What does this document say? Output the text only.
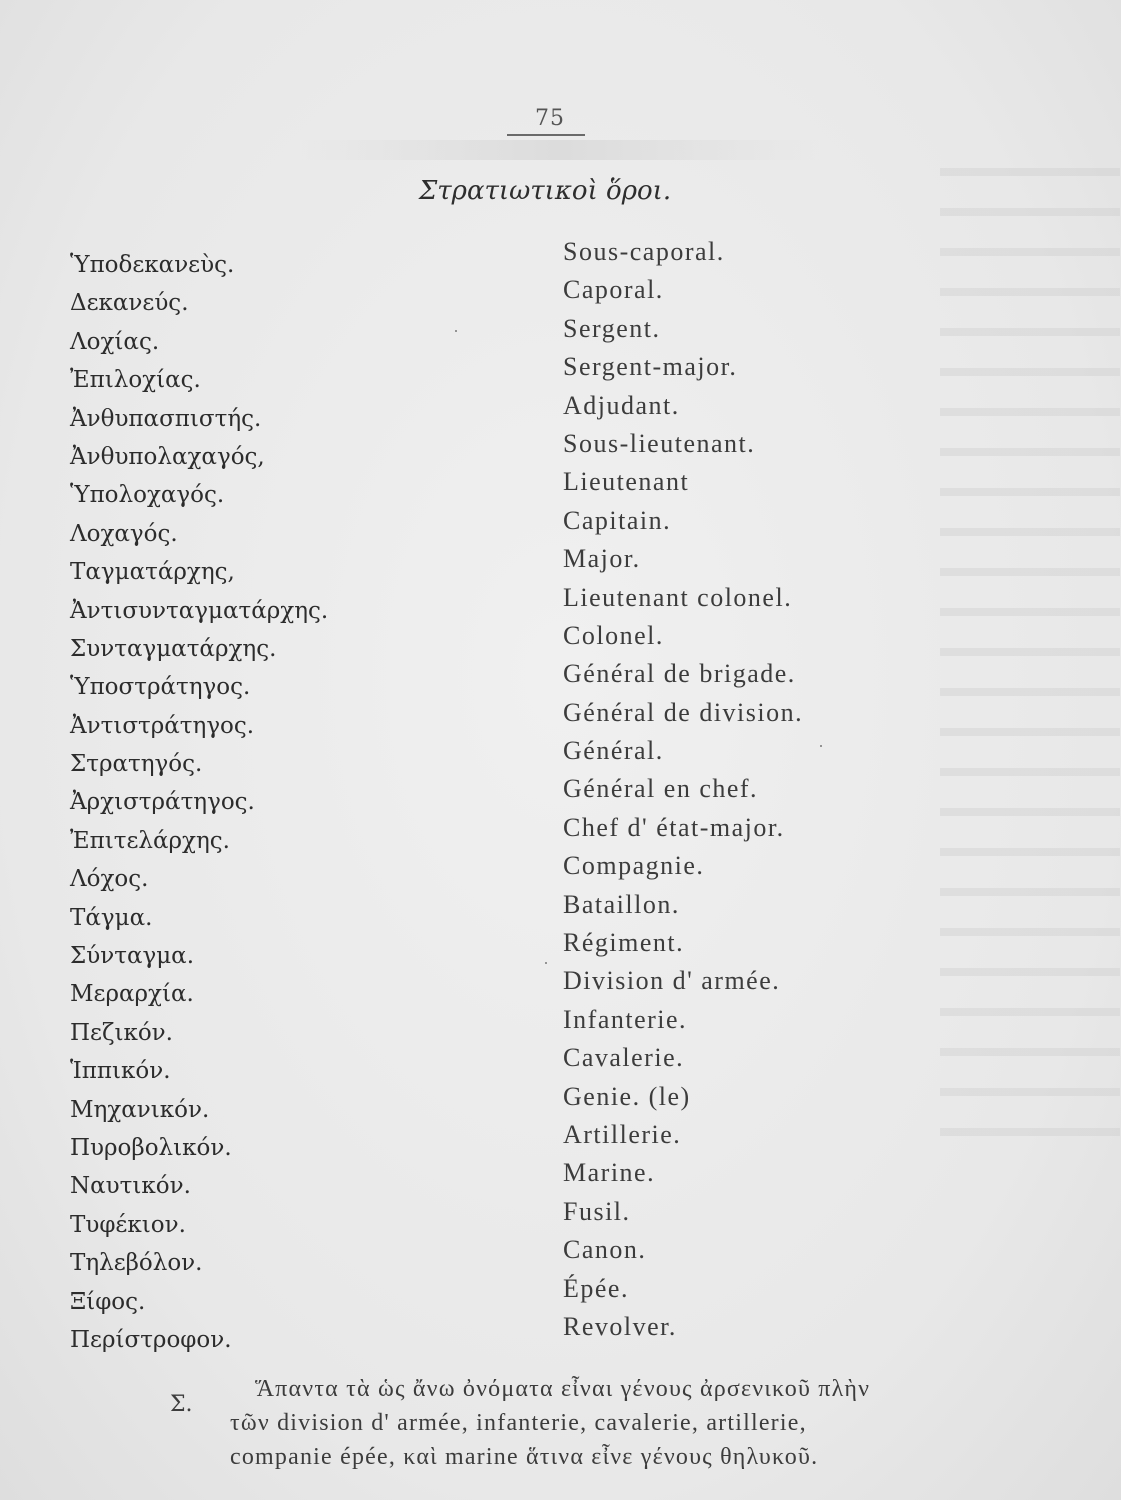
75
Στρατιωτικοὶ ὅροι.
Ὑποδεκανεὺς.
Δεκανεύς.
Λοχίας.
Ἐπιλοχίας.
Ἀνθυπασπιστής.
Ἀνθυπολαχαγός,
Ὑπολοχαγός.
Λοχαγός.
Ταγματάρχης,
Ἀντισυνταγματάρχης.
Συνταγματάρχης.
Ὑποστράτηγος.
Ἀντιστράτηγος.
Στρατηγός.
Ἀρχιστράτηγος.
Ἐπιτελάρχης.
Λόχος.
Τάγμα.
Σύνταγμα.
Μεραρχία.
Πεζικόν.
Ἱππικόν.
Μηχανικόν.
Πυροβολικόν.
Ναυτικόν.
Τυφέκιον.
Τηλεβόλον.
Ξίφος.
Περίστροφον.
Sous-caporal.
Caporal.
Sergent.
Sergent-major.
Adjudant.
Sous-lieutenant.
Lieutenant
Capitain.
Major.
Lieutenant colonel.
Colonel.
Général de brigade.
Général de division.
Général.
Général en chef.
Chef d' état-major.
Compagnie.
Bataillon.
Régiment.
Division d' armée.
Infanterie.
Cavalerie.
Genie. (le)
Artillerie.
Marine.
Fusil.
Canon.
Épée.
Revolver.
Σ.
Ἅπαντα τὰ ὡς ἄνω ὀνόματα εἶναι γένους ἀρσενικοῦ πλὴν
τῶν division d' armée, infanterie, cavalerie, artillerie,
companie épée, καὶ marine ἅτινα εἶνε γένους θηλυκοῦ.
